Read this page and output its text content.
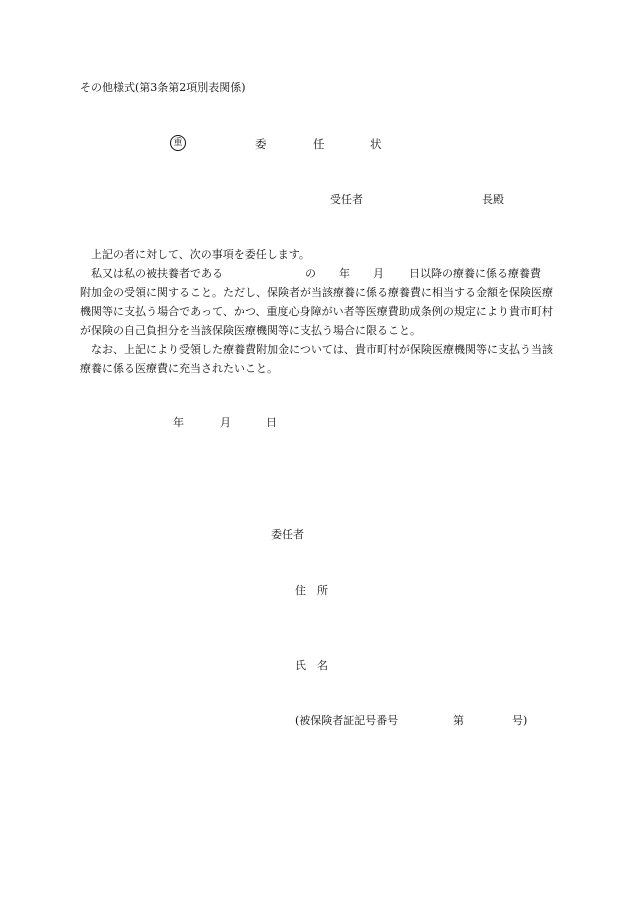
その他様式(第3条第2項別表関係)
重	委	任	状
受任者	長殿
上記の者に対して、次の事項を委任します。
私又は私の被扶養者である	の 年 月 日以降の療養に係る療養費

附加金の受領に関すること。ただし、保険者が当該療養に係る療養費に相当する金額を保険医療機関等に支払う場合であって、かつ、重度心身障がい者等医療費助成条例の規定により貴市町村が保険の自己負担分を当該保険医療機関等に支払う場合に限ること。

なお、上記により受領した療養費附加金については、貴市町村が保険医療機関等に支払う当該療養に係る医療費に充当されたいこと。

年	月	日
委任者
住　所
氏　名
(被保険者証記号番号	第	号)
